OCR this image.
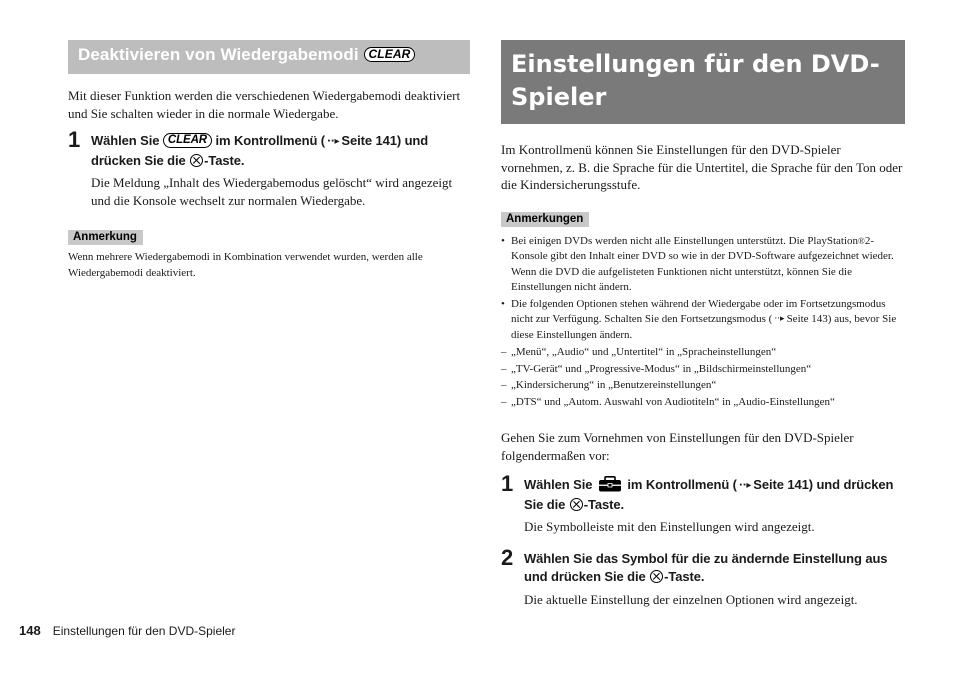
Deaktivieren von Wiedergabemodi CLEAR

Mit dieser Funktion werden die verschiedenen Wiedergabemodi deaktiviert und Sie schalten wieder in die normale Wiedergabe.

1 Wählen Sie CLEAR im Kontrollmenü ( ··▸ Seite 141) und drücken Sie die -Taste.

Die Meldung „Inhalt des Wiedergabemodus gelöscht“ wird angezeigt und die Konsole wechselt zur normalen Wiedergabe.

Anmerkung

Wenn mehrere Wiedergabemodi in Kombination verwendet wurden, werden alle Wiedergabemodi deaktiviert.

Einstellungen für den DVD-
Spieler

Im Kontrollmenü können Sie Einstellungen für den DVD-Spieler vornehmen, z. B. die Sprache für die Untertitel, die Sprache für den Ton oder die Kindersicherungsstufe.

Anmerkungen
• Bei einigen DVDs werden nicht alle Einstellungen unterstützt. Die PlayStation®2-Konsole gibt den Inhalt einer DVD so wie in der DVD-Software aufgezeichnet wieder. Wenn die DVD die aufgelisteten Funktionen nicht unterstützt, können Sie die Einstellungen nicht ändern.
• Die folgenden Optionen stehen während der Wiedergabe oder im Fortsetzungsmodus nicht zur Verfügung. Schalten Sie den Fortsetzungsmodus ( ··▸ Seite 143) aus, bevor Sie diese Einstellungen ändern.
– „Menü“, „Audio“ und „Untertitel“ in „Spracheinstellungen“
– „TV-Gerät“ und „Progressive-Modus“ in „Bildschirmeinstellungen“
– „Kindersicherung“ in „Benutzereinstellungen“
– „DTS“ und „Autom. Auswahl von Audiotiteln“ in „Audio-Einstellungen“

Gehen Sie zum Vornehmen von Einstellungen für den DVD-Spieler folgendermaßen vor:

1 Wählen Sie	im Kontrollmenü ( ··▸ Seite 141) und drücken Sie die -Taste.

Die Symbolleiste mit den Einstellungen wird angezeigt.

2 Wählen Sie das Symbol für die zu ändernde Einstellung aus und drücken Sie die -Taste.

Die aktuelle Einstellung der einzelnen Optionen wird angezeigt.

148 Einstellungen für den DVD-Spieler
